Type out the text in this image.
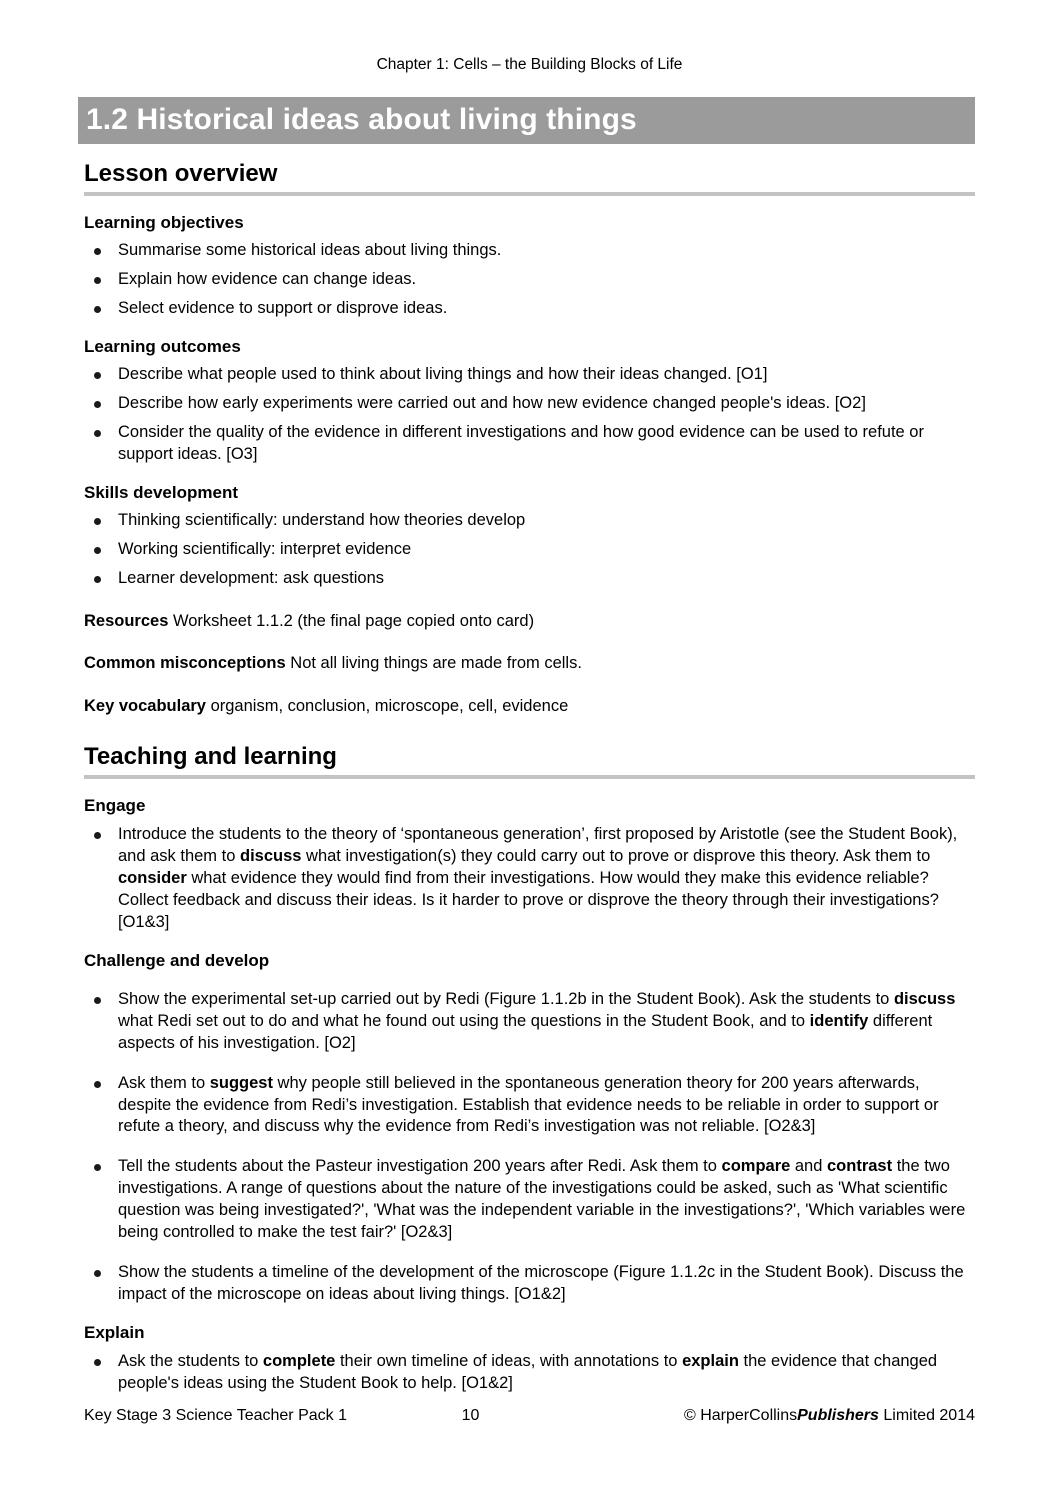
Chapter 1: Cells – the Building Blocks of Life
1.2 Historical ideas about living things
Lesson overview
Learning objectives
Summarise some historical ideas about living things.
Explain how evidence can change ideas.
Select evidence to support or disprove ideas.
Learning outcomes
Describe what people used to think about living things and how their ideas changed. [O1]
Describe how early experiments were carried out and how new evidence changed people's ideas. [O2]
Consider the quality of the evidence in different investigations and how good evidence can be used to refute or support ideas. [O3]
Skills development
Thinking scientifically: understand how theories develop
Working scientifically: interpret evidence
Learner development: ask questions
Resources Worksheet 1.1.2 (the final page copied onto card)
Common misconceptions Not all living things are made from cells.
Key vocabulary organism, conclusion, microscope, cell, evidence
Teaching and learning
Engage
Introduce the students to the theory of ‘spontaneous generation’, first proposed by Aristotle (see the Student Book), and ask them to discuss what investigation(s) they could carry out to prove or disprove this theory. Ask them to consider what evidence they would find from their investigations. How would they make this evidence reliable? Collect feedback and discuss their ideas. Is it harder to prove or disprove the theory through their investigations? [O1&3]
Challenge and develop
Show the experimental set-up carried out by Redi (Figure 1.1.2b in the Student Book). Ask the students to discuss what Redi set out to do and what he found out using the questions in the Student Book, and to identify different aspects of his investigation. [O2]
Ask them to suggest why people still believed in the spontaneous generation theory for 200 years afterwards, despite the evidence from Redi’s investigation. Establish that evidence needs to be reliable in order to support or refute a theory, and discuss why the evidence from Redi’s investigation was not reliable. [O2&3]
Tell the students about the Pasteur investigation 200 years after Redi. Ask them to compare and contrast the two investigations. A range of questions about the nature of the investigations could be asked, such as 'What scientific question was being investigated?', 'What was the independent variable in the investigations?', 'Which variables were being controlled to make the test fair?' [O2&3]
Show the students a timeline of the development of the microscope (Figure 1.1.2c in the Student Book). Discuss the impact of the microscope on ideas about living things. [O1&2]
Explain
Ask the students to complete their own timeline of ideas, with annotations to explain the evidence that changed people's ideas using the Student Book to help. [O1&2]
Key Stage 3 Science Teacher Pack 1	10	© HarperCollinsPublishers Limited 2014
